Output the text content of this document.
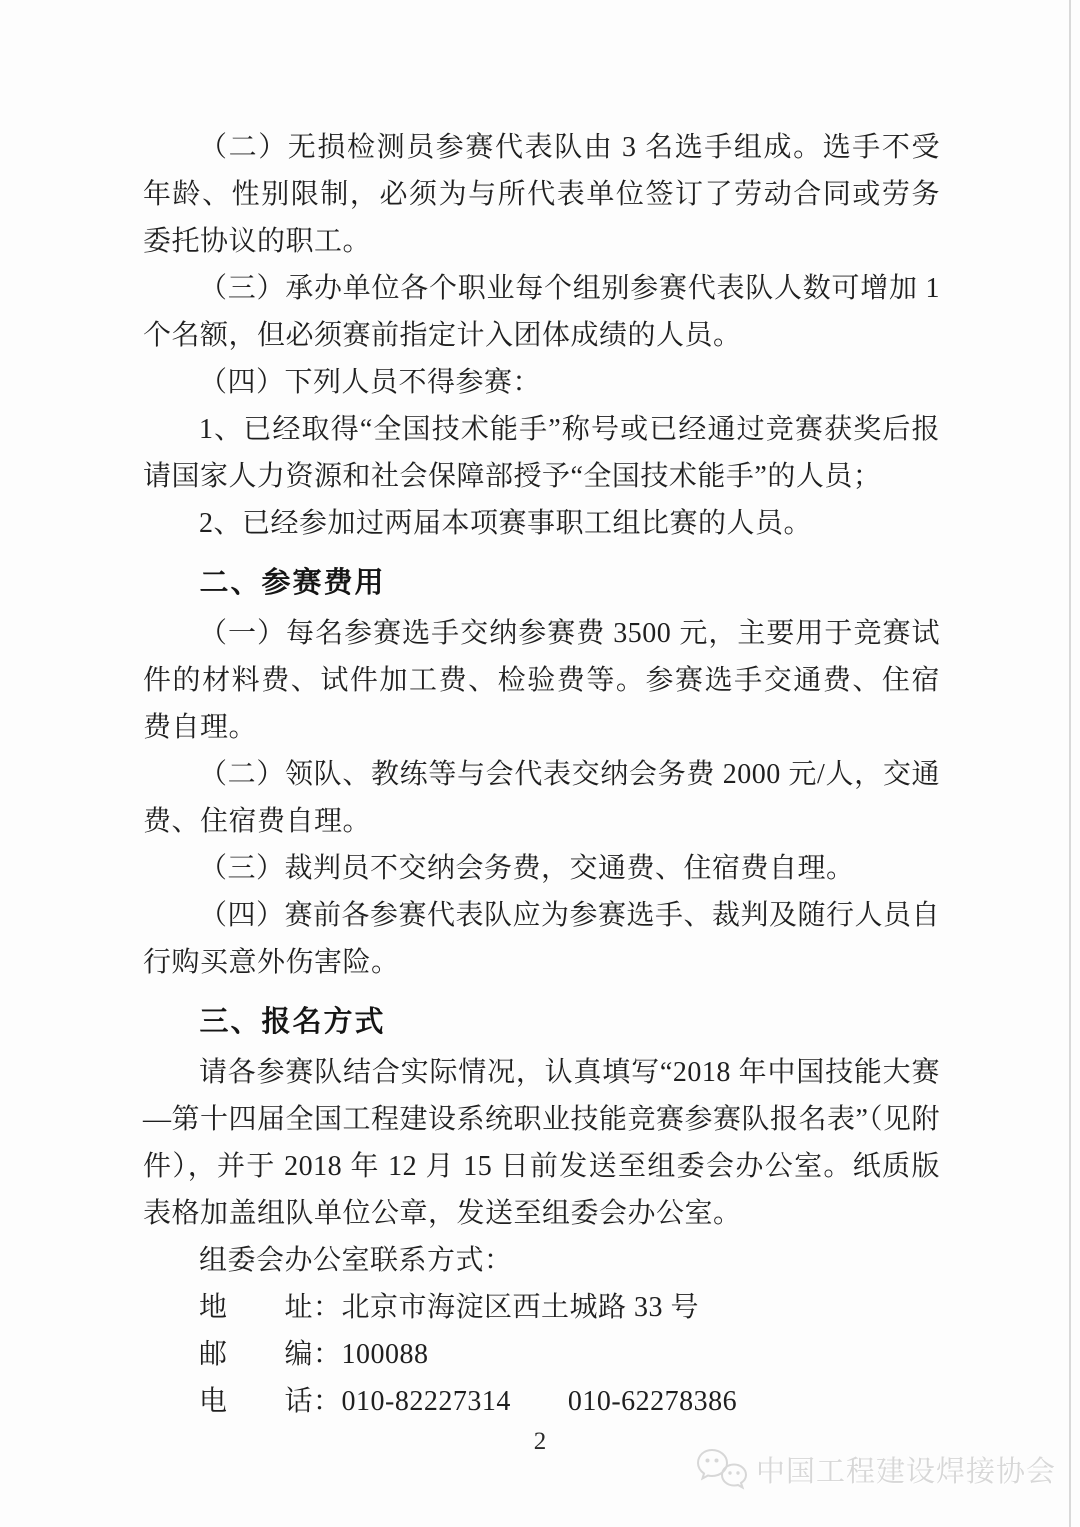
（二）无损检测员参赛代表队由 3 名选手组成。选手不受年龄、性别限制，必须为与所代表单位签订了劳动合同或劳务委托协议的职工。

（三）承办单位各个职业每个组别参赛代表队人数可增加 1 个名额，但必须赛前指定计入团体成绩的人员。

（四）下列人员不得参赛：

1、已经取得“全国技术能手”称号或已经通过竞赛获奖后报请国家人力资源和社会保障部授予“全国技术能手”的人员；

2、已经参加过两届本项赛事职工组比赛的人员。

二、参赛费用

（一）每名参赛选手交纳参赛费 3500 元，主要用于竞赛试件的材料费、试件加工费、检验费等。参赛选手交通费、住宿费自理。

（二）领队、教练等与会代表交纳会务费 2000 元/人，交通费、住宿费自理。

（三）裁判员不交纳会务费，交通费、住宿费自理。

（四）赛前各参赛代表队应为参赛选手、裁判及随行人员自行购买意外伤害险。

三、报名方式

请各参赛队结合实际情况，认真填写“2018 年中国技能大赛—第十四届全国工程建设系统职业技能竞赛参赛队报名表”（见附件），并于 2018 年 12 月 15 日前发送至组委会办公室。纸质版表格加盖组队单位公章，发送至组委会办公室。

组委会办公室联系方式：

地　　址：北京市海淀区西土城路 33 号

邮　　编：100088

电　　话：010-82227314　　010-62278386

2
中国工程建设焊接协会
